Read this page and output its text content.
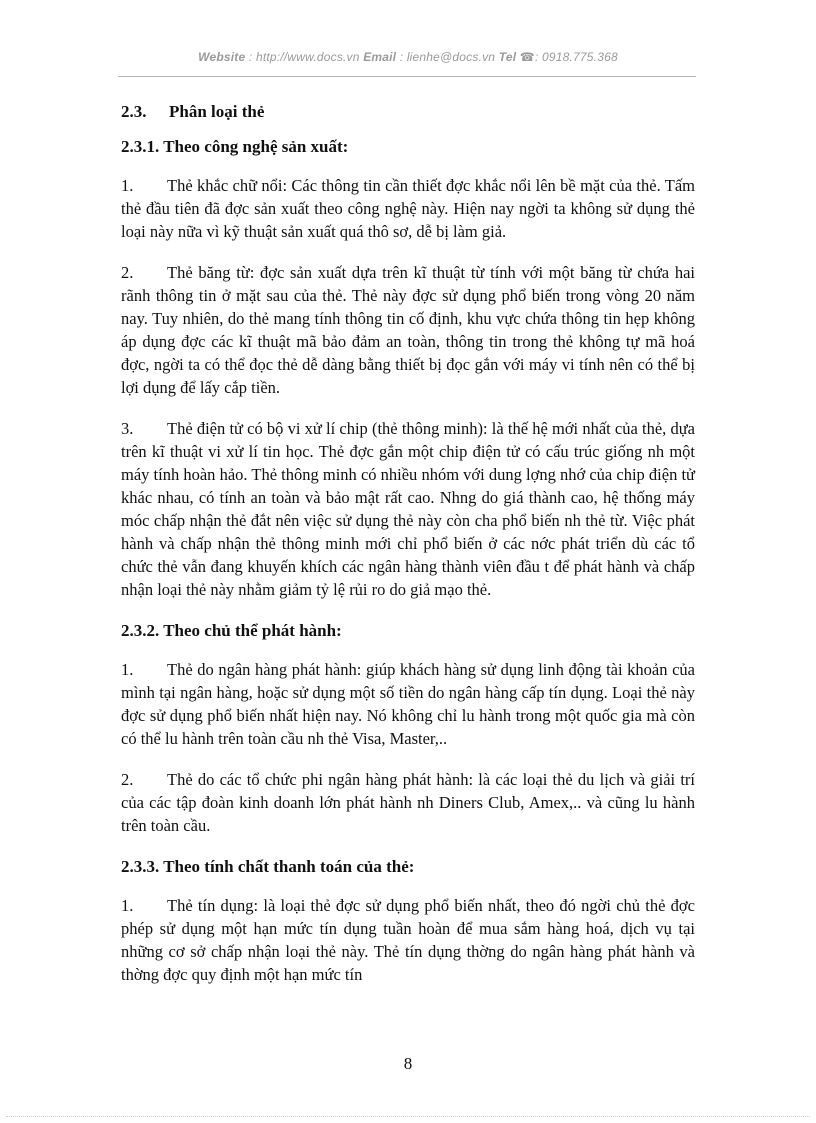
Website : http://www.docs.vn Email : lienhe@docs.vn Tel ☎: 0918.775.368
2.3. Phân loại thẻ
2.3.1. Theo công nghệ sản xuất:

1. Thẻ khắc chữ nổi: Các thông tin cần thiết đợc khắc nổi lên bề mặt của thẻ. Tấm thẻ đầu tiên đã đợc sản xuất theo công nghệ này. Hiện nay ngời ta không sử dụng thẻ loại này nữa vì kỹ thuật sản xuất quá thô sơ, dễ bị làm giả.

2. Thẻ băng từ: đợc sản xuất dựa trên kĩ thuật từ tính với một băng từ chứa hai rãnh thông tin ở mặt sau của thẻ. Thẻ này đợc sử dụng phổ biến trong vòng 20 năm nay. Tuy nhiên, do thẻ mang tính thông tin cố định, khu vực chứa thông tin hẹp không áp dụng đợc các kĩ thuật mã bảo đảm an toàn, thông tin trong thẻ không tự mã hoá đợc, ngời ta có thể đọc thẻ dễ dàng bằng thiết bị đọc gắn với máy vi tính nên có thể bị lợi dụng để lấy cắp tiền.

3. Thẻ điện tử có bộ vi xử lí chip (thẻ thông minh): là thế hệ mới nhất của thẻ, dựa trên kĩ thuật vi xử lí tin học. Thẻ đợc gắn một chip điện tử có cấu trúc giống nh một máy tính hoàn hảo. Thẻ thông minh có nhiều nhóm với dung lợng nhớ của chip điện tử khác nhau, có tính an toàn và bảo mật rất cao. Nhng do giá thành cao, hệ thống máy móc chấp nhận thẻ đắt nên việc sử dụng thẻ này còn cha phổ biến nh thẻ từ. Việc phát hành và chấp nhận thẻ thông minh mới chỉ phổ biến ở các nớc phát triển dù các tổ chức thẻ vẫn đang khuyến khích các ngân hàng thành viên đầu t để phát hành và chấp nhận loại thẻ này nhằm giảm tỷ lệ rủi ro do giả mạo thẻ.

2.3.2. Theo chủ thể phát hành:

1. Thẻ do ngân hàng phát hành: giúp khách hàng sử dụng linh động tài khoản của mình tại ngân hàng, hoặc sử dụng một số tiền do ngân hàng cấp tín dụng. Loại thẻ này đợc sử dụng phổ biến nhất hiện nay. Nó không chỉ lu hành trong một quốc gia mà còn có thể lu hành trên toàn cầu nh thẻ Visa, Master,..

2. Thẻ do các tổ chức phi ngân hàng phát hành: là các loại thẻ du lịch và giải trí của các tập đoàn kinh doanh lớn phát hành nh Diners Club, Amex,.. và cũng lu hành trên toàn cầu.

2.3.3. Theo tính chất thanh toán của thẻ:

1. Thẻ tín dụng: là loại thẻ đợc sử dụng phổ biến nhất, theo đó ngời chủ thẻ đợc phép sử dụng một hạn mức tín dụng tuần hoàn để mua sắm hàng hoá, dịch vụ tại những cơ sở chấp nhận loại thẻ này. Thẻ tín dụng thờng do ngân hàng phát hành và thờng đợc quy định một hạn mức tín

8
